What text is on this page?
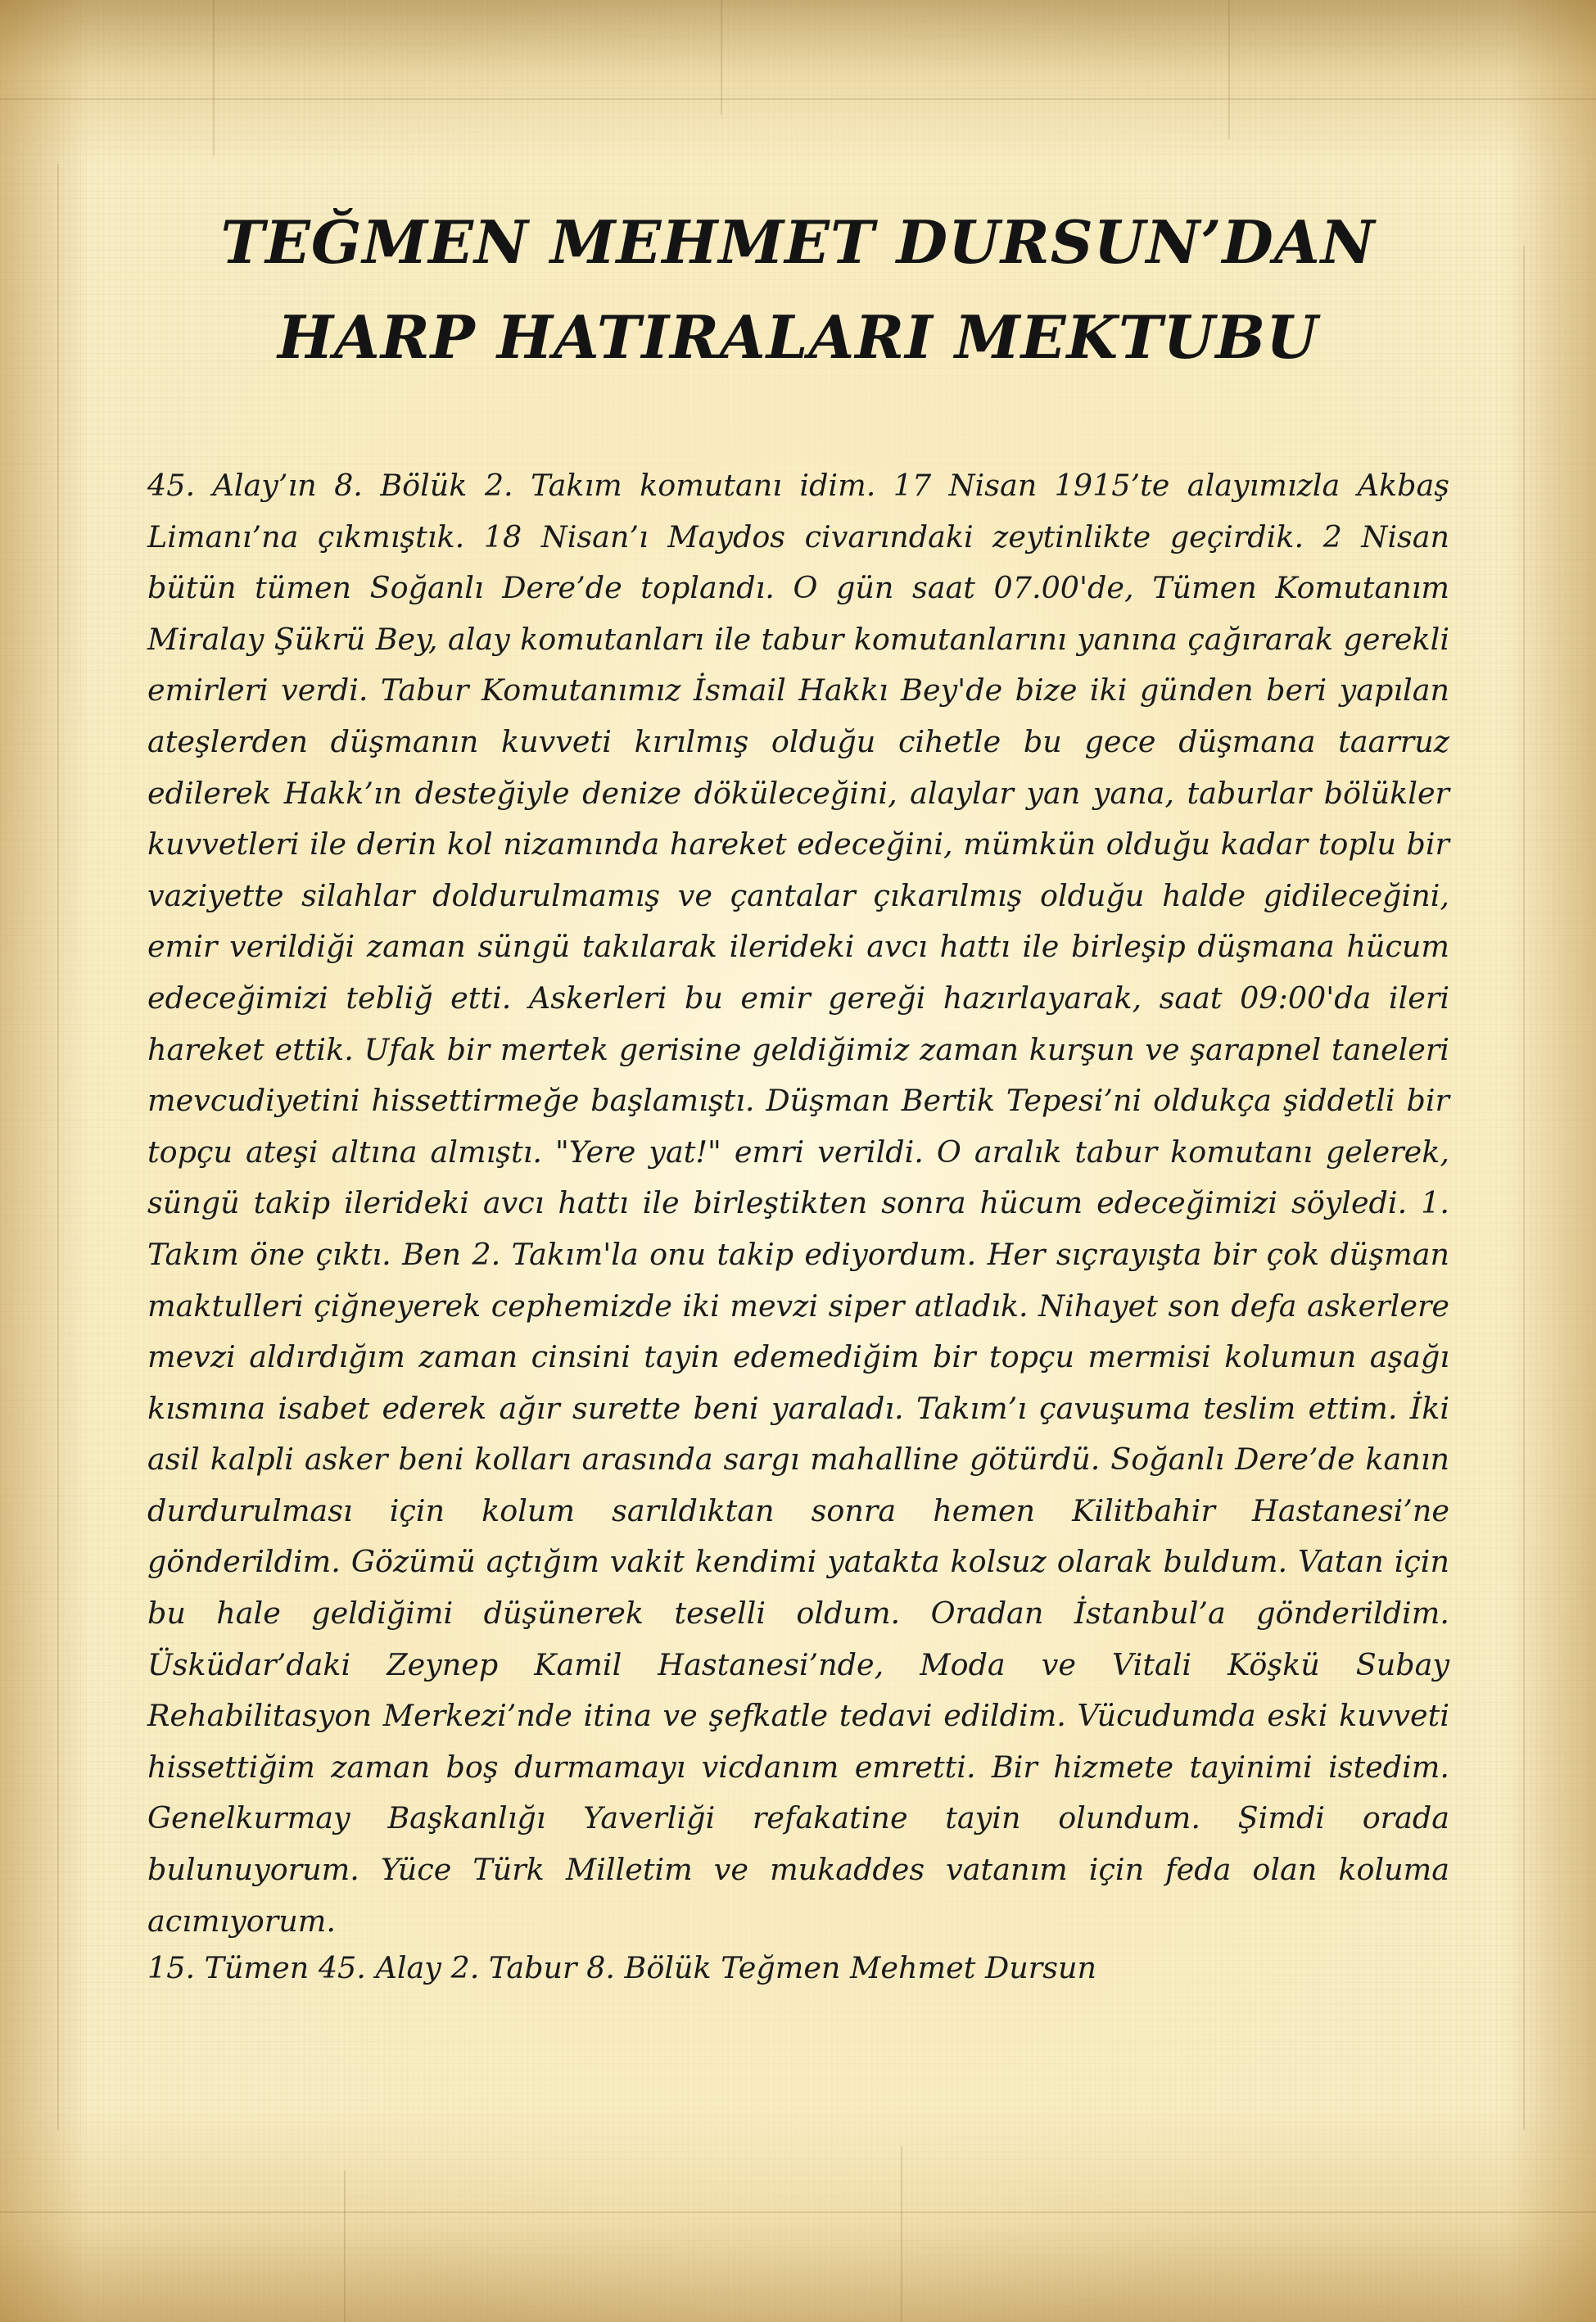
TEĞMEN MEHMET DURSUN’DAN
HARP HATIRALARI MEKTUBU

45. Alay’ın 8. Bölük 2. Takım komutanı idim. 17 Nisan 1915’te alayımızla Akbaş Limanı’na çıkmıştık. 18 Nisan’ı Maydos civarındaki zeytinlikte geçirdik. 2 Nisan bütün tümen Soğanlı Dere’de toplandı. O gün saat 07.00'de, Tümen Komutanım Miralay Şükrü Bey, alay komutanları ile tabur komutanlarını yanına çağırarak gerekli emirleri verdi. Tabur Komutanımız İsmail Hakkı Bey'de bize iki günden beri yapılan ateşlerden düşmanın kuvveti kırılmış olduğu cihetle bu gece düşmana taarruz edilerek Hakk’ın desteğiyle denize döküleceğini, alaylar yan yana, taburlar bölükler kuvvetleri ile derin kol nizamında hareket edeceğini, mümkün olduğu kadar toplu bir vaziyette silahlar doldurulmamış ve çantalar çıkarılmış olduğu halde gidileceğini, emir verildiği zaman süngü takılarak ilerideki avcı hattı ile birleşip düşmana hücum edeceğimizi tebliğ etti. Askerleri bu emir gereği hazırlayarak, saat 09:00'da ileri hareket ettik. Ufak bir mertek gerisine geldiğimiz zaman kurşun ve şarapnel taneleri mevcudiyetini hissettirmeğe başlamıştı. Düşman Bertik Tepesi’ni oldukça şiddetli bir topçu ateşi altına almıştı. "Yere yat!" emri verildi. O aralık tabur komutanı gelerek, süngü takip ilerideki avcı hattı ile birleştikten sonra hücum edeceğimizi söyledi. 1. Takım öne çıktı. Ben 2. Takım'la onu takip ediyordum. Her sıçrayışta bir çok düşman maktulleri çiğneyerek cephemizde iki mevzi siper atladık. Nihayet son defa askerlere mevzi aldırdığım zaman cinsini tayin edemediğim bir topçu mermisi kolumun aşağı kısmına isabet ederek ağır surette beni yaraladı. Takım’ı çavuşuma teslim ettim. İki asil kalpli asker beni kolları arasında sargı mahalline götürdü. Soğanlı Dere’de kanın durdurulması için kolum sarıldıktan sonra hemen Kilitbahir Hastanesi’ne gönderildim. Gözümü açtığım vakit kendimi yatakta kolsuz olarak buldum. Vatan için bu hale geldiğimi düşünerek teselli oldum. Oradan İstanbul’a gönderildim. Üsküdar’daki Zeynep Kamil Hastanesi’nde, Moda ve Vitali Köşkü Subay Rehabilitasyon Merkezi’nde itina ve şefkatle tedavi edildim. Vücudumda eski kuvveti hissettiğim zaman boş durmamayı vicdanım emretti. Bir hizmete tayinimi istedim. Genelkurmay Başkanlığı Yaverliği refakatine tayin olundum. Şimdi orada bulunuyorum. Yüce Türk Milletim ve mukaddes vatanım için feda olan koluma acımıyorum.

15. Tümen 45. Alay 2. Tabur 8. Bölük Teğmen Mehmet Dursun
